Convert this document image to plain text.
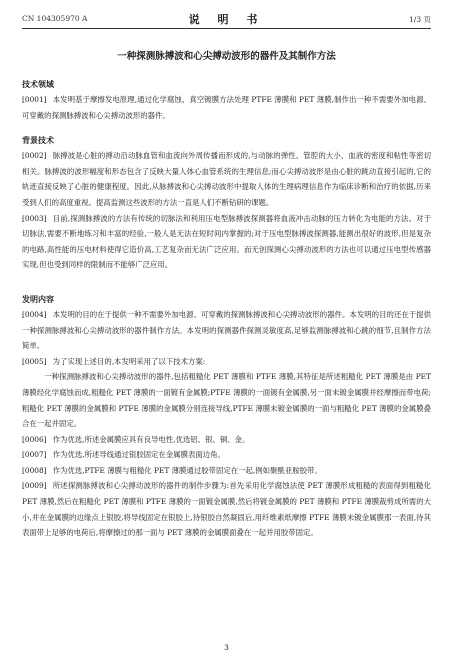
CN 104305970 A	说 明 书	1/3 页
一种探测脉搏波和心尖搏动波形的器件及其制作方法
技术领域
[0001] 本发明基于摩擦发电原理,通过化学腐蚀、真空镀膜方法处理 PTFE 薄膜和 PET 薄膜,制作出一种不需要外加电源、可穿戴的探测脉搏波和心尖搏动波形的器件。
背景技术
[0002] 脉搏波是心脏的搏动沿动脉血管和血流向外周传播而形成的,与动脉的弹性、管腔的大小、血液的密度和粘性等密切相关。脉搏波的波形幅度和形态包含了反映大量人体心血管系统的生理信息;而心尖搏动波形是由心脏的跳动直接引起的,它的轨迹直接反映了心脏的健康程度。因此,从脉搏波和心尖搏动波形中提取人体的生理病理信息作为临床诊断和治疗的依据,历来受到人们的高度重视。提高监测这些波形的方法一直是人们不断钻研的课题。
[0003] 目前,探测脉搏波的方法有传统的切脉法和利用压电型脉搏波探测器将血液冲击动脉的压力转化为电能的方法。对于切脉法,需要不断地练习和丰富的经验,一般人是无法在短时间内掌握的;对于压电型脉搏波探测器,能测出很好的波形,但是复杂的电路,高性能的压电材料使得它造价高,工艺复杂而无法广泛应用。而无创探测心尖搏动波形的方法也可以通过压电型传感器实现,但也受到同样的限制而不能够广泛应用。
发明内容
[0004] 本发明的目的在于提供一种不需要外加电源、可穿戴的探测脉搏波和心尖搏动波形的器件。本发明的目的还在于提供一种探测脉搏波和心尖搏动波形的器件制作方法。本发明的探测器件探测灵敏度高,足够监测脉搏波和心跳的细节,且制作方法简单。
[0005] 为了实现上述目的,本发明采用了以下技术方案:
一种探测脉搏波和心尖搏动波形的器件,包括粗糙化 PET 薄膜和 PTFE 薄膜,其特征是所述粗糙化 PET 薄膜是由 PET 薄膜经化学腐蚀而成,粗糙化 PET 薄膜的一面镀有金属膜;PTFE 薄膜的一面镀有金属膜,另一面未镀金属膜并经摩擦而带电荷;粗糙化 PET 薄膜的金属膜和 PTFE 薄膜的金属膜分别连接导线,PTFE 薄膜未镀金属膜的一面与粗糙化 PET 薄膜的金属膜叠合在一起并固定。
[0006] 作为优选,所述金属膜应具有良导电性,优选铝、银、铜、金。
[0007] 作为优选,所述导线通过银胶固定在金属膜表面边角。
[0008] 作为优选,PTFE 薄膜与粗糙化 PET 薄膜通过胶带固定在一起,例如聚酰亚胺胶带。
[0009] 所述探测脉搏波和心尖搏动波形的器件的制作步骤为:首先采用化学腐蚀法使 PET 薄膜形成粗糙的表面得到粗糙化 PET 薄膜,然后在粗糙化 PET 薄膜和 PTFE 薄膜的一面镀金属膜,然后将镀金属膜的 PET 薄膜和 PTFE 薄膜裁剪成所需的大小,并在金属膜的边缘点上银胶,将导线固定在银胶上,待银胶自然凝固后,用纤维素纸摩擦 PTFE 薄膜未镀金属膜那一表面,待其表面带上足够的电荷后,将摩擦过的那一面与 PET 薄膜的金属膜面叠在一起并用胶带固定。
3
